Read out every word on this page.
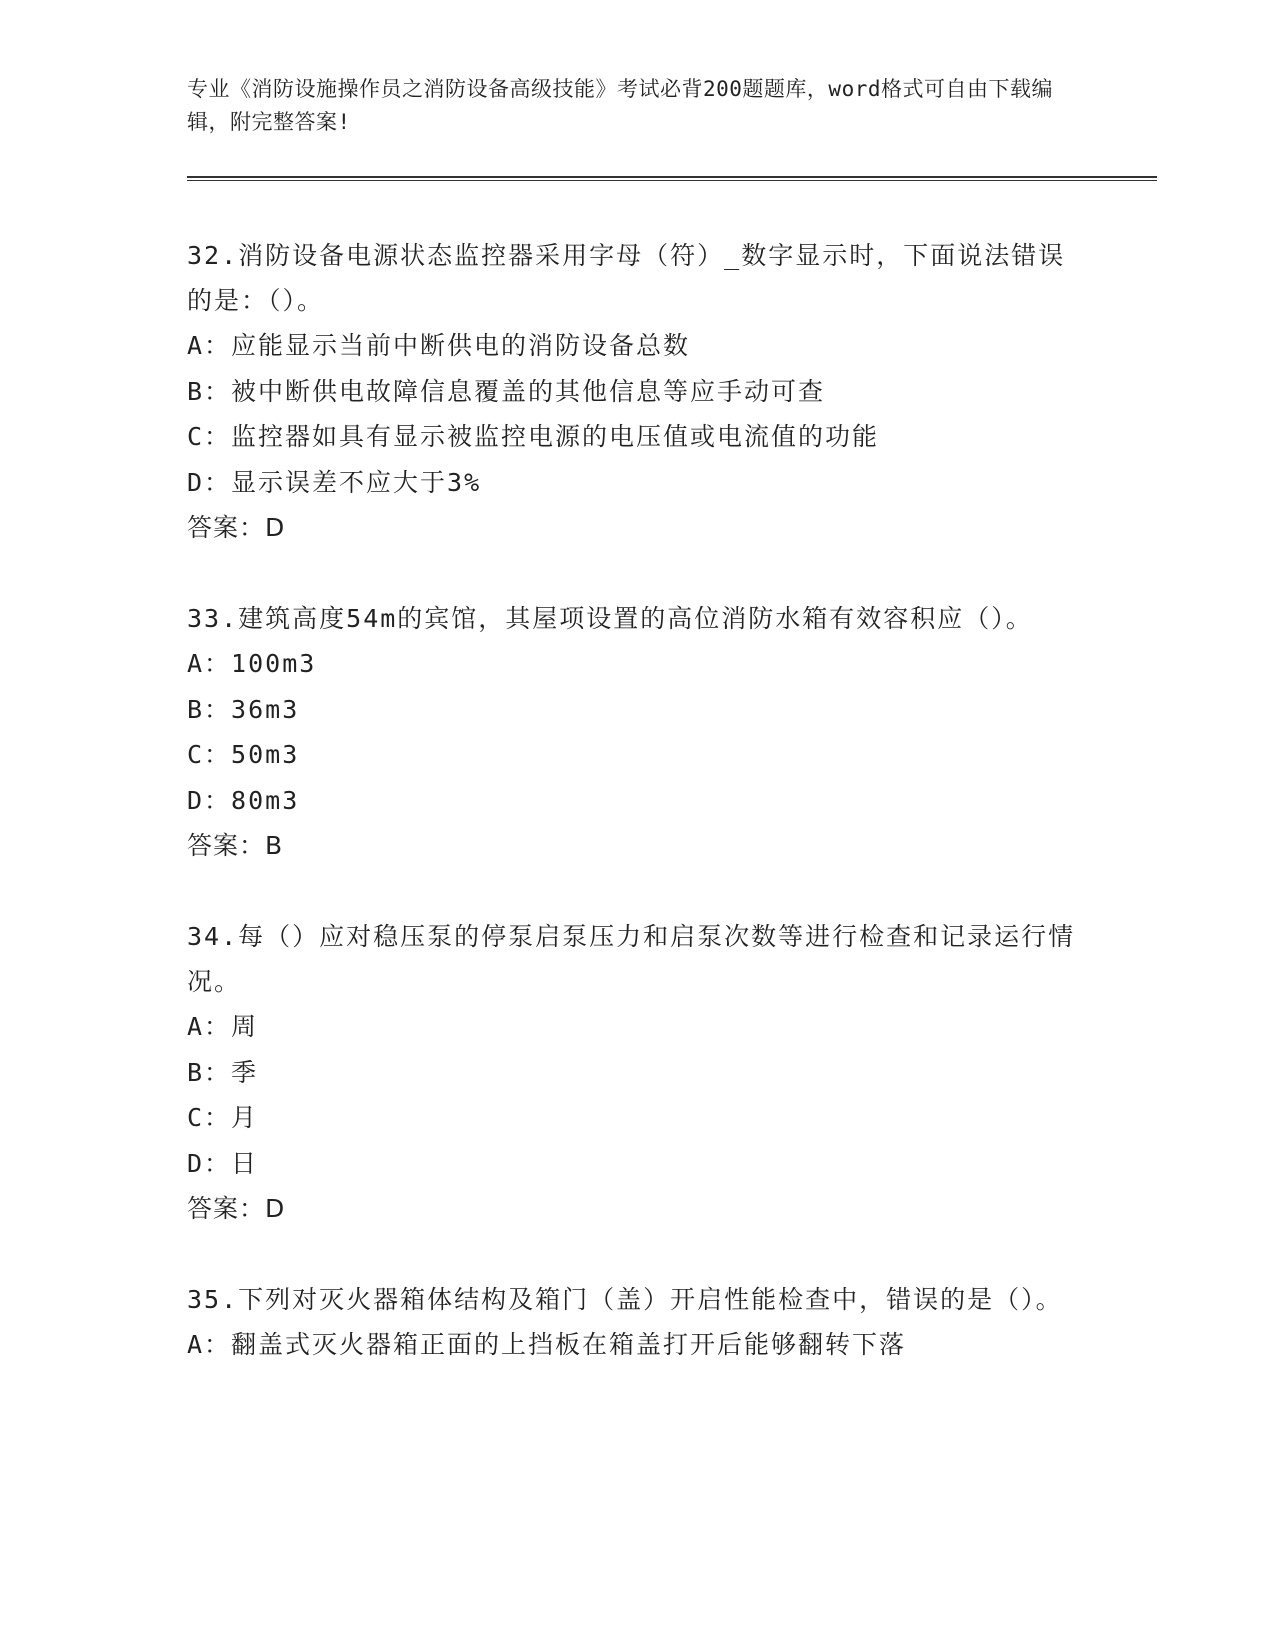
专业《消防设施操作员之消防设备高级技能》考试必背200题题库，word格式可自由下载编辑，附完整答案!

32.消防设备电源状态监控器采用字母（符）_数字显示时，下面说法错误的是：（）。

A：应能显示当前中断供电的消防设备总数

B：被中断供电故障信息覆盖的其他信息等应手动可查

C：监控器如具有显示被监控电源的电压值或电流值的功能

D：显示误差不应大于3%

答案：D

33.建筑高度54m的宾馆，其屋项设置的高位消防水箱有效容积应（）。

A：100m3

B：36m3

C：50m3

D：80m3

答案：B

34.每（）应对稳压泵的停泵启泵压力和启泵次数等进行检查和记录运行情况。

A：周

B：季

C：月

D：日

答案：D

35.下列对灭火器箱体结构及箱门（盖）开启性能检查中，错误的是（）。

A：翻盖式灭火器箱正面的上挡板在箱盖打开后能够翻转下落
